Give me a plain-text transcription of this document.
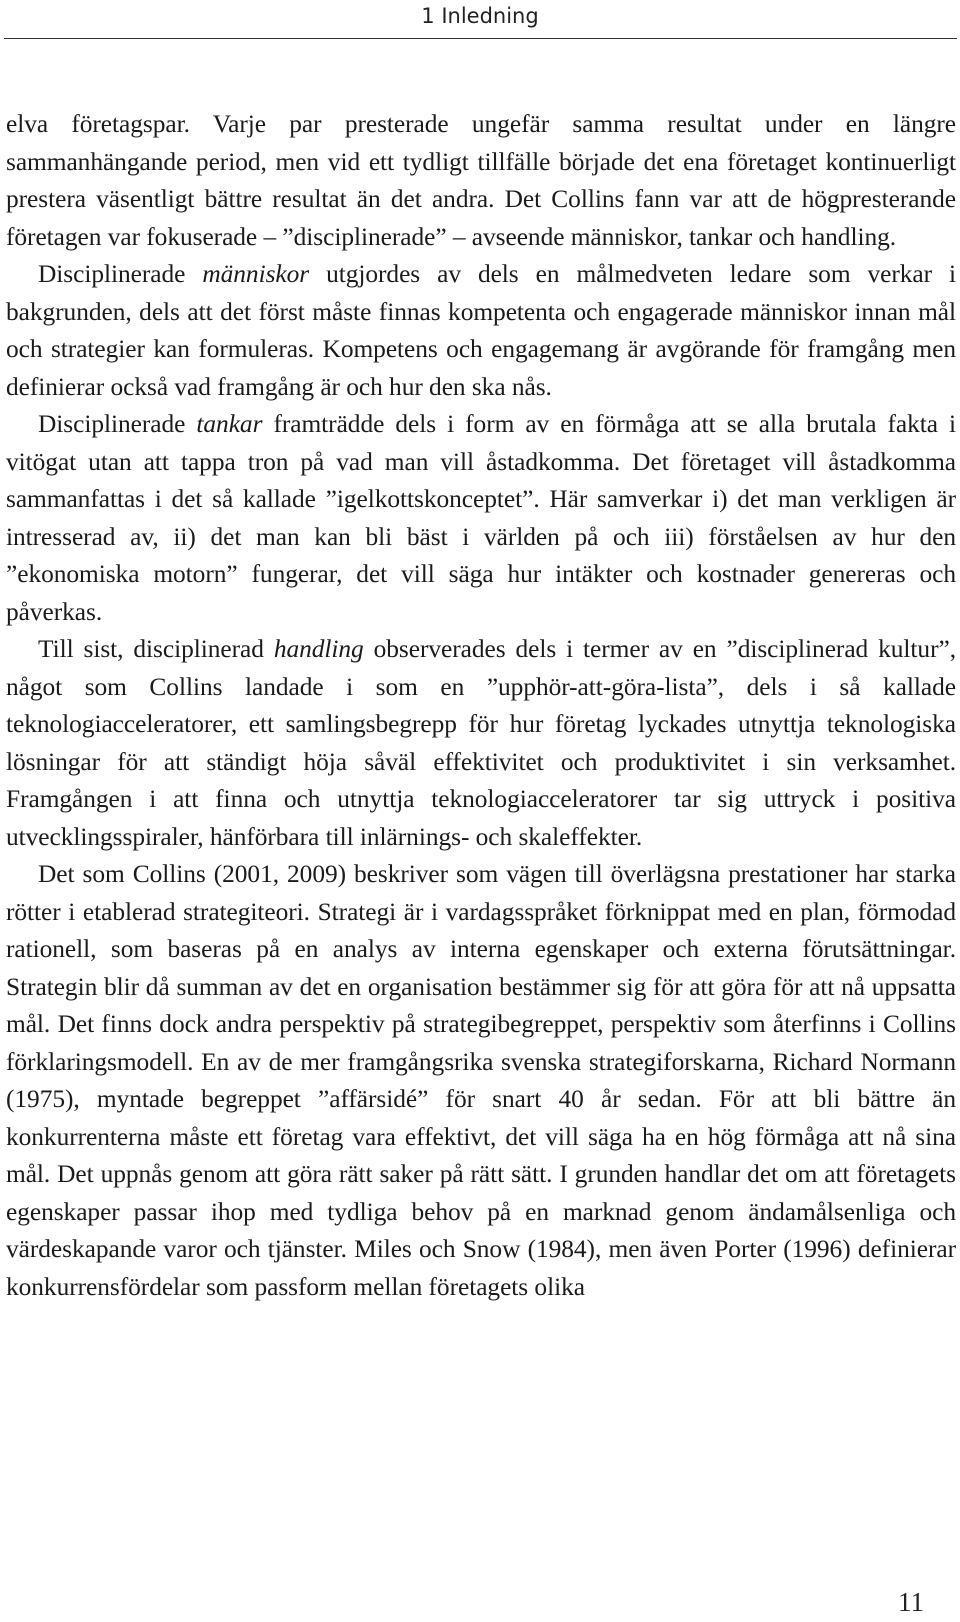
1 Inledning

elva företagspar. Varje par presterade ungefär samma resultat under en längre sammanhängande period, men vid ett tydligt tillfälle började det ena företaget kontinuerligt prestera väsentligt bättre resultat än det andra. Det Collins fann var att de högpresterande företagen var fokuserade – ”disciplinerade” – avseende människor, tankar och handling.

Disciplinerade människor utgjordes av dels en målmedveten ledare som verkar i bakgrunden, dels att det först måste finnas kompetenta och engagerade människor innan mål och strategier kan formuleras. Kompetens och engagemang är avgörande för framgång men definierar också vad framgång är och hur den ska nås.

Disciplinerade tankar framträdde dels i form av en förmåga att se alla brutala fakta i vitögat utan att tappa tron på vad man vill åstadkomma. Det företaget vill åstadkomma sammanfattas i det så kallade ”igelkottskonceptet”. Här samverkar i) det man verkligen är intresserad av, ii) det man kan bli bäst i världen på och iii) förståelsen av hur den ”ekonomiska motorn” fungerar, det vill säga hur intäkter och kostnader genereras och påverkas.

Till sist, disciplinerad handling observerades dels i termer av en ”disciplinerad kultur”, något som Collins landade i som en ”upphör-att-göra-lista”, dels i så kallade teknologiacceleratorer, ett samlingsbegrepp för hur företag lyckades utnyttja teknologiska lösningar för att ständigt höja såväl effektivitet och produktivitet i sin verksamhet. Framgången i att finna och utnyttja teknologiacceleratorer tar sig uttryck i positiva utvecklingsspiraler, hänförbara till inlärnings- och skaleffekter.

Det som Collins (2001, 2009) beskriver som vägen till överlägsna prestationer har starka rötter i etablerad strategiteori. Strategi är i vardagsspråket förknippat med en plan, förmodad rationell, som baseras på en analys av interna egenskaper och externa förutsättningar. Strategin blir då summan av det en organisation bestämmer sig för att göra för att nå uppsatta mål. Det finns dock andra perspektiv på strategibegreppet, perspektiv som återfinns i Collins förklaringsmodell. En av de mer framgångsrika svenska strategiforskarna, Richard Normann (1975), myntade begreppet ”affärsidé” för snart 40 år sedan. För att bli bättre än konkurrenterna måste ett företag vara effektivt, det vill säga ha en hög förmåga att nå sina mål. Det uppnås genom att göra rätt saker på rätt sätt. I grunden handlar det om att företagets egenskaper passar ihop med tydliga behov på en marknad genom ändamålsenliga och värdeskapande varor och tjänster. Miles och Snow (1984), men även Porter (1996) definierar konkurrensfördelar som passform mellan företagets olika

11
